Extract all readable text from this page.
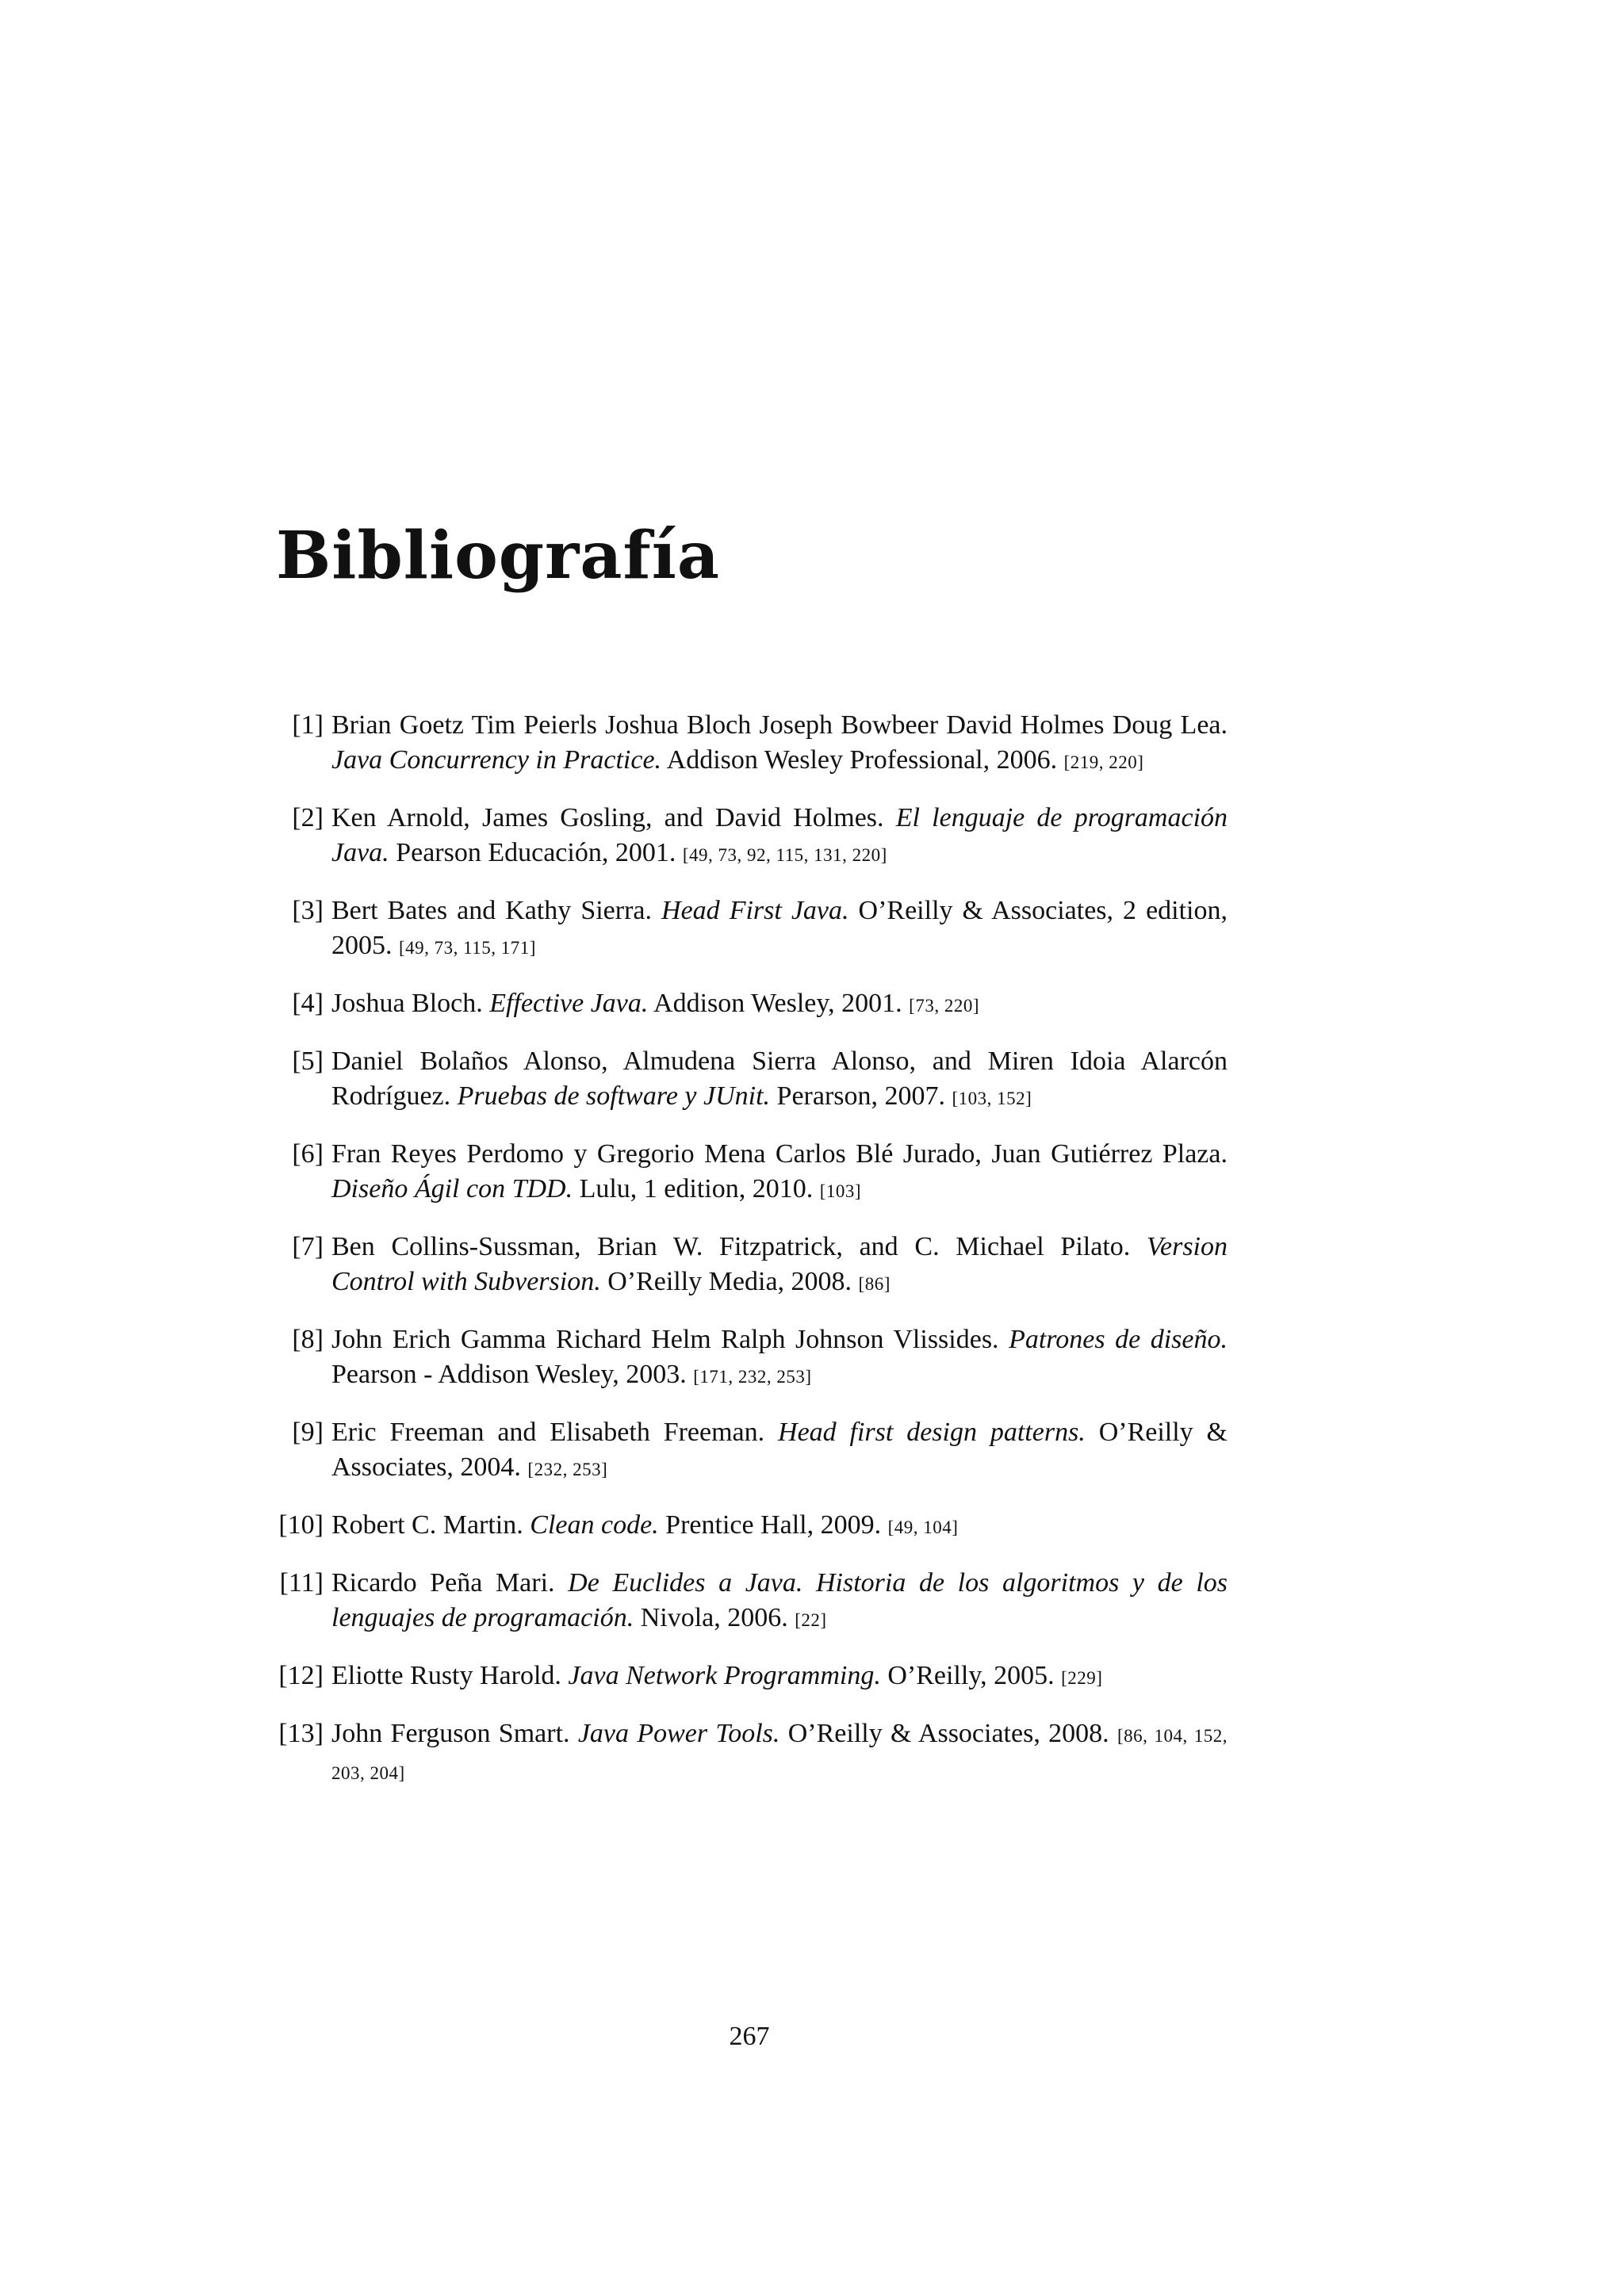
Bibliografía
[1] Brian Goetz Tim Peierls Joshua Bloch Joseph Bowbeer David Holmes Doug Lea. Java Concurrency in Practice. Addison Wesley Professional, 2006. [219, 220]
[2] Ken Arnold, James Gosling, and David Holmes. El lenguaje de programación Java. Pearson Educación, 2001. [49, 73, 92, 115, 131, 220]
[3] Bert Bates and Kathy Sierra. Head First Java. O’Reilly & Associates, 2 edition, 2005. [49, 73, 115, 171]
[4] Joshua Bloch. Effective Java. Addison Wesley, 2001. [73, 220]
[5] Daniel Bolaños Alonso, Almudena Sierra Alonso, and Miren Idoia Alarcón Rodríguez. Pruebas de software y JUnit. Perarson, 2007. [103, 152]
[6] Fran Reyes Perdomo y Gregorio Mena Carlos Blé Jurado, Juan Gutiérrez Plaza. Diseño Ágil con TDD. Lulu, 1 edition, 2010. [103]
[7] Ben Collins-Sussman, Brian W. Fitzpatrick, and C. Michael Pilato. Version Control with Subversion. O’Reilly Media, 2008. [86]
[8] John Erich Gamma Richard Helm Ralph Johnson Vlissides. Patrones de diseño. Pearson - Addison Wesley, 2003. [171, 232, 253]
[9] Eric Freeman and Elisabeth Freeman. Head first design patterns. O’Reilly & Associates, 2004. [232, 253]
[10] Robert C. Martin. Clean code. Prentice Hall, 2009. [49, 104]
[11] Ricardo Peña Mari. De Euclides a Java. Historia de los algoritmos y de los lenguajes de programación. Nivola, 2006. [22]
[12] Eliotte Rusty Harold. Java Network Programming. O’Reilly, 2005. [229]
[13] John Ferguson Smart. Java Power Tools. O’Reilly & Associates, 2008. [86, 104, 152, 203, 204]
267
